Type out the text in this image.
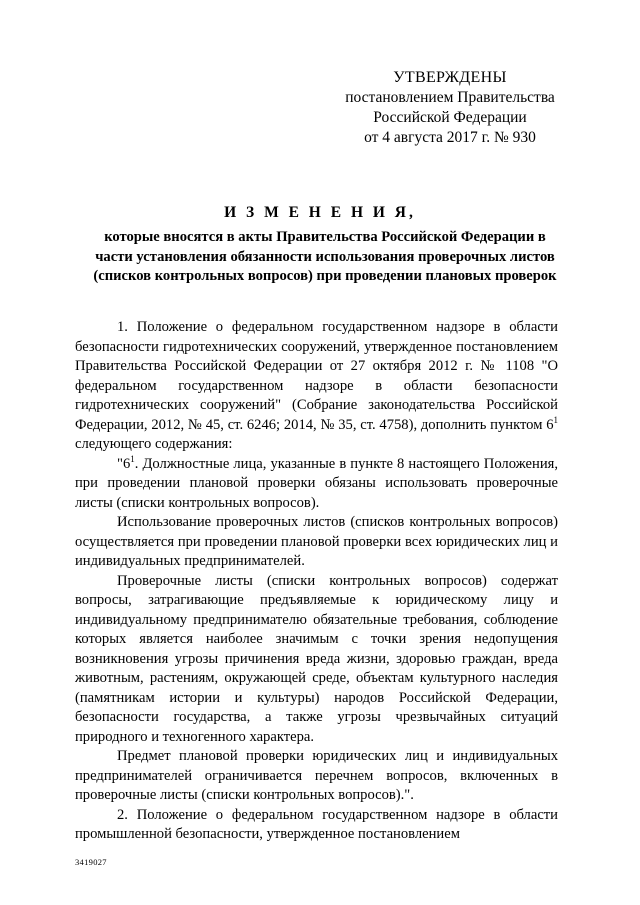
УТВЕРЖДЕНЫ
постановлением Правительства
Российской Федерации
от 4 августа 2017 г. № 930
И З М Е Н Е Н И Я,
которые вносятся в акты Правительства Российской Федерации в части установления обязанности использования проверочных листов (списков контрольных вопросов) при проведении плановых проверок

1. Положение о федеральном государственном надзоре в области безопасности гидротехнических сооружений, утвержденное постановлением Правительства Российской Федерации от 27 октября 2012 г. № 1108 "О федеральном государственном надзоре в области безопасности гидротехнических сооружений" (Собрание законодательства Российской Федерации, 2012, № 45, ст. 6246; 2014, № 35, ст. 4758), дополнить пунктом $6^1$ следующего содержания:

"$6^1$. Должностные лица, указанные в пункте 8 настоящего Положения, при проведении плановой проверки обязаны использовать проверочные листы (списки контрольных вопросов).

Использование проверочных листов (списков контрольных вопросов) осуществляется при проведении плановой проверки всех юридических лиц и индивидуальных предпринимателей.

Проверочные листы (списки контрольных вопросов) содержат вопросы, затрагивающие предъявляемые к юридическому лицу и индивидуальному предпринимателю обязательные требования, соблюдение которых является наиболее значимым с точки зрения недопущения возникновения угрозы причинения вреда жизни, здоровью граждан, вреда животным, растениям, окружающей среде, объектам культурного наследия (памятникам истории и культуры) народов Российской Федерации, безопасности государства, а также угрозы чрезвычайных ситуаций природного и техногенного характера.

Предмет плановой проверки юридических лиц и индивидуальных предпринимателей ограничивается перечнем вопросов, включенных в проверочные листы (списки контрольных вопросов).".

2. Положение о федеральном государственном надзоре в области промышленной безопасности, утвержденное постановлением

3419027
